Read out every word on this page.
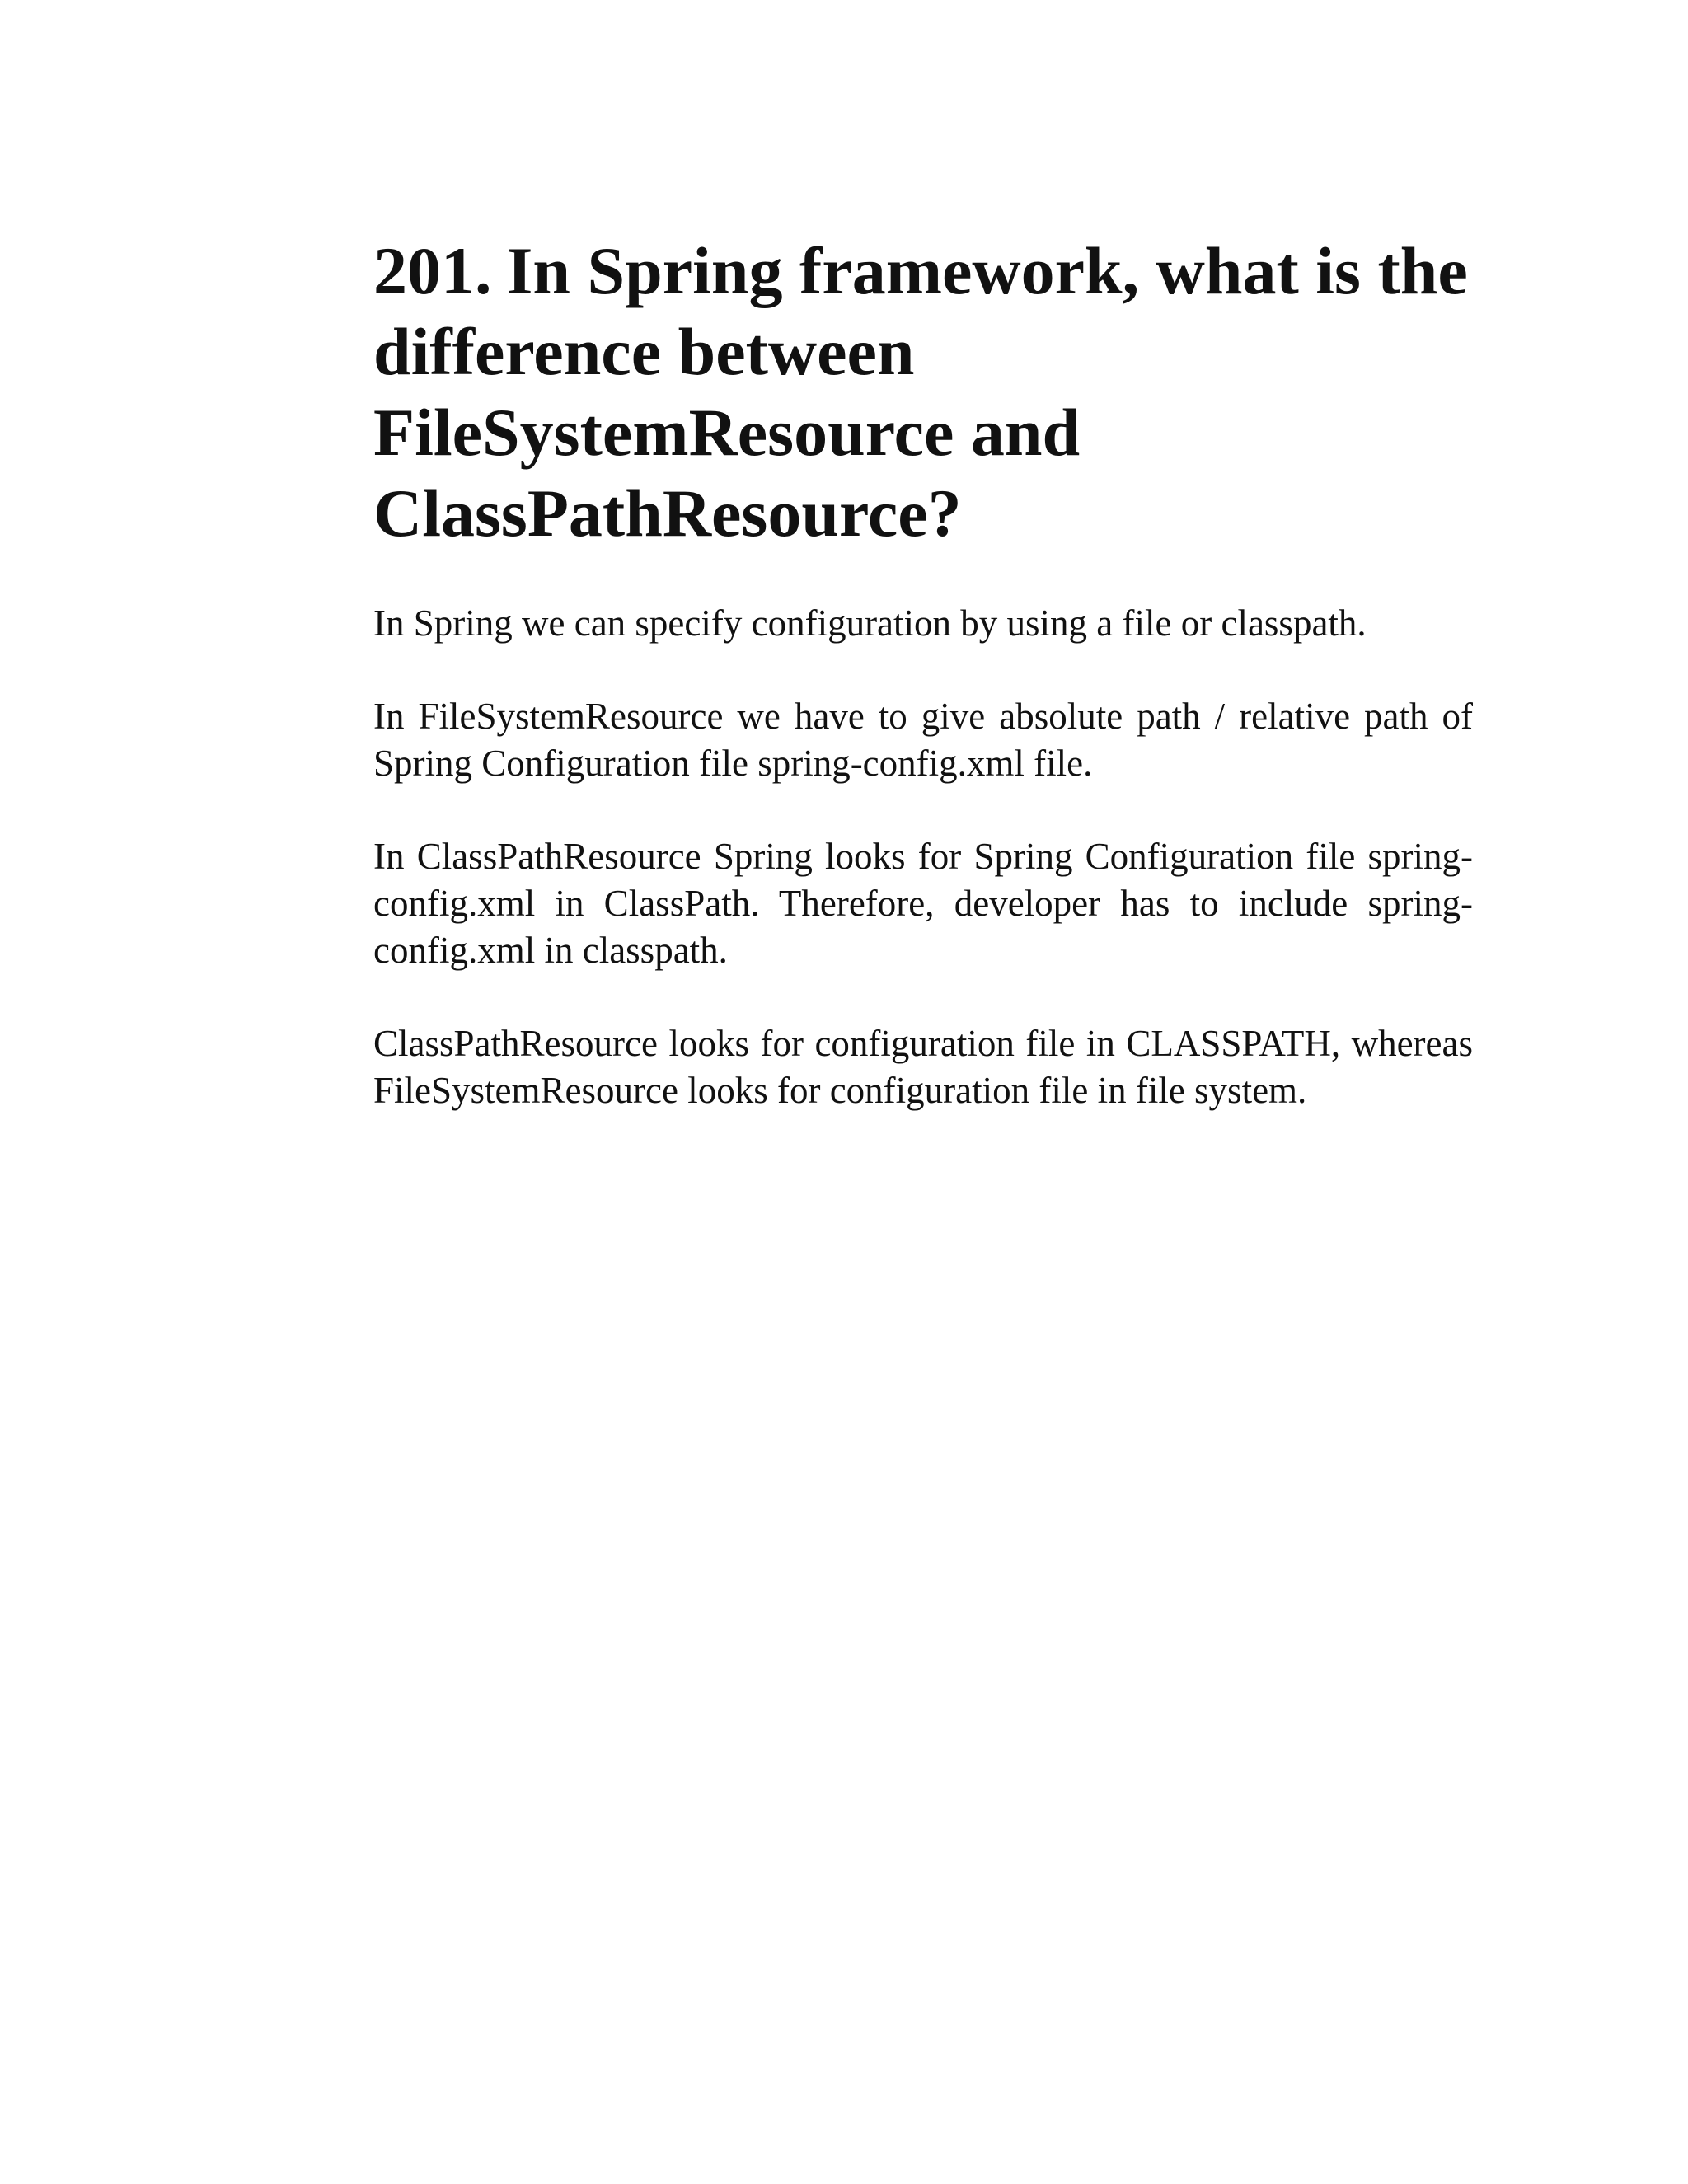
201. In Spring framework, what is the difference between FileSystemResource and ClassPathResource?

In Spring we can specify configuration by using a file or classpath.

In FileSystemResource we have to give absolute path / relative path of Spring Configuration file spring-config.xml file.

In ClassPathResource Spring looks for Spring Configuration file spring-config.xml in ClassPath. Therefore, developer has to include spring-config.xml in classpath.

ClassPathResource looks for configuration file in CLASSPATH, whereas FileSystemResource looks for configuration file in file system.
